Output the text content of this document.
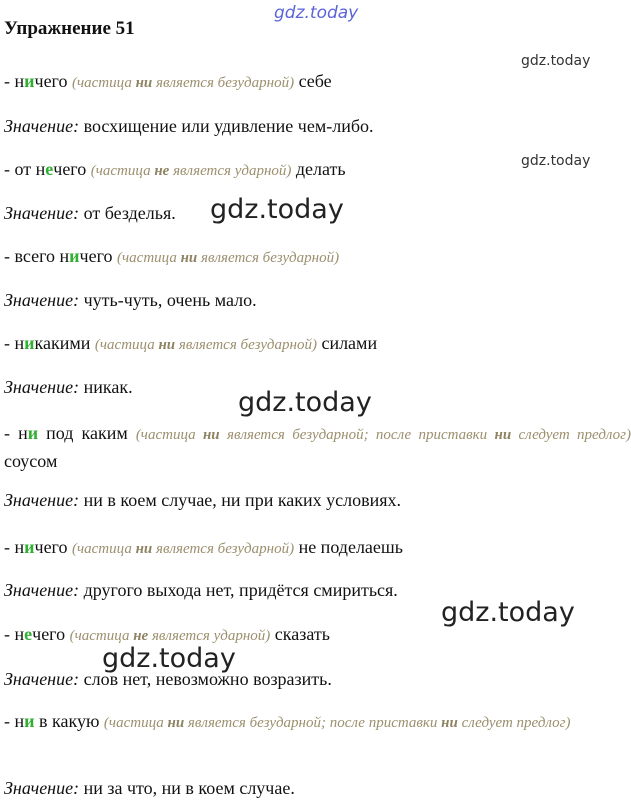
gdz.today
gdz.today
gdz.today
Упражнение 51
- ничего (частица ни является безударной) себе
Значение: восхищение или удивление чем-либо.
- от нечего (частица не является ударной) делать
Значение: от безделья. gdz.today
- всего ничего (частица ни является безударной)
Значение: чуть-чуть, очень мало.
- никакими (частица ни является безударной) силами
Значение: никак.	gdz.today
- ни под каким (частица ни является безударной; после приставки ни следует предлог) соусом
Значение: ни в коем случае, ни при каких условиях.
- ничего (частица ни является безударной) не поделаешь
Значение: другого выхода нет, придётся смириться.
gdz.today
- нечего (частица не является ударной) сказать
gdz.today
Значение: слов нет, невозможно возразить.
- ни в какую (частица ни является безударной; после приставки ни следует предлог)
Значение: ни за что, ни в коем случае.
